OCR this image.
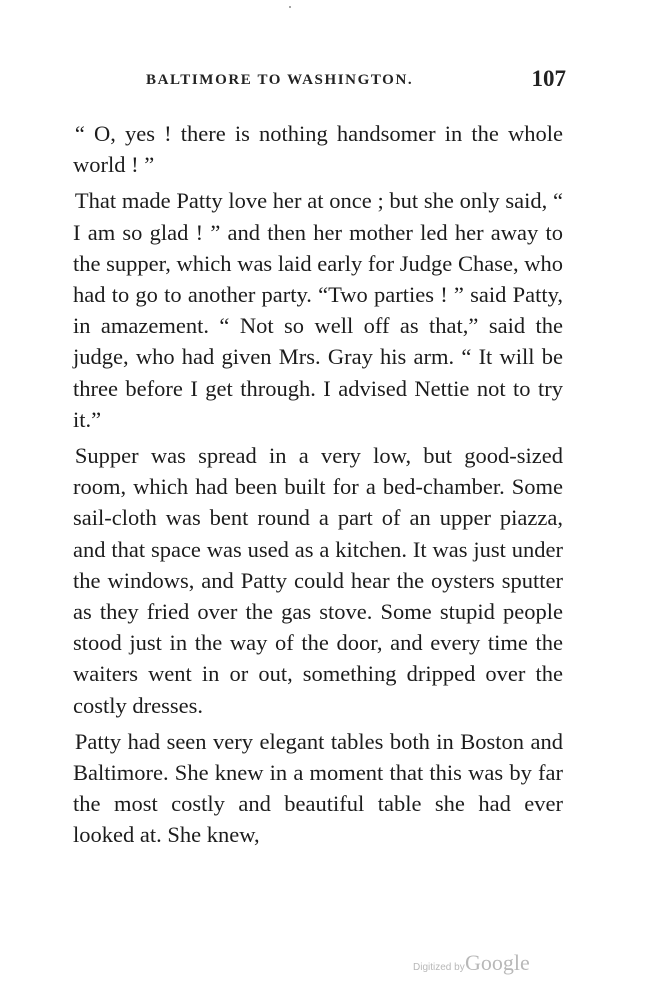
BALTIMORE TO WASHINGTON.	107

“ O, yes ! there is nothing handsomer in the whole world ! ”

That made Patty love her at once ; but she only said, “ I am so glad ! ” and then her mother led her away to the supper, which was laid early for Judge Chase, who had to go to another party. “Two parties ! ” said Patty, in amazement. “ Not so well off as that,” said the judge, who had given Mrs. Gray his arm. “ It will be three before I get through. I advised Nettie not to try it.”

Supper was spread in a very low, but good-sized room, which had been built for a bed-chamber. Some sail-cloth was bent round a part of an upper piazza, and that space was used as a kitchen. It was just under the windows, and Patty could hear the oysters sputter as they fried over the gas stove. Some stupid people stood just in the way of the door, and every time the waiters went in or out, something dripped over the costly dresses.

Patty had seen very elegant tables both in Boston and Baltimore. She knew in a moment that this was by far the most costly and beautiful table she had ever looked at. She knew,

Digitized by Google
